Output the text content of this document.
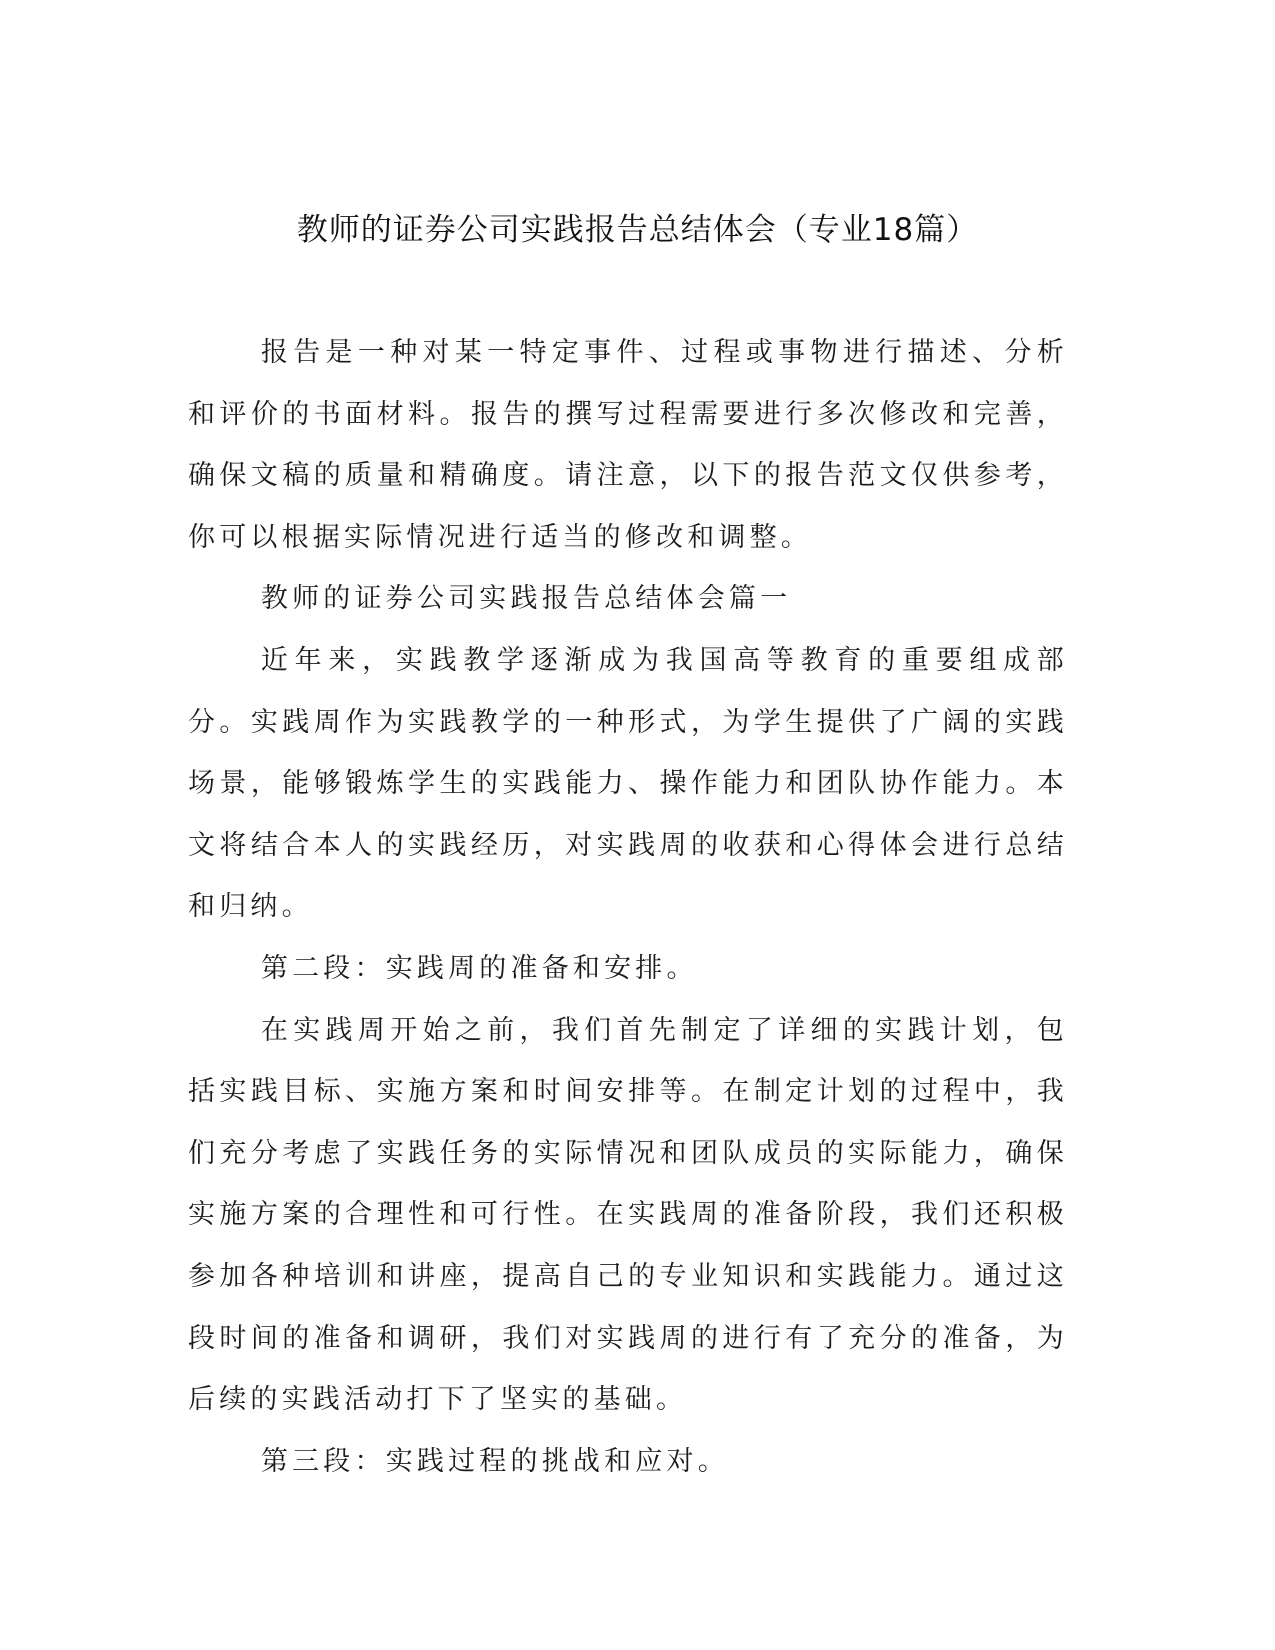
教师的证券公司实践报告总结体会（专业18篇）

报告是一种对某一特定事件、过程或事物进行描述、分析和评价的书面材料。报告的撰写过程需要进行多次修改和完善，确保文稿的质量和精确度。请注意，以下的报告范文仅供参考，你可以根据实际情况进行适当的修改和调整。

教师的证券公司实践报告总结体会篇一

近年来，实践教学逐渐成为我国高等教育的重要组成部分。实践周作为实践教学的一种形式，为学生提供了广阔的实践场景，能够锻炼学生的实践能力、操作能力和团队协作能力。本文将结合本人的实践经历，对实践周的收获和心得体会进行总结和归纳。

第二段：实践周的准备和安排。

在实践周开始之前，我们首先制定了详细的实践计划，包括实践目标、实施方案和时间安排等。在制定计划的过程中，我们充分考虑了实践任务的实际情况和团队成员的实际能力，确保实施方案的合理性和可行性。在实践周的准备阶段，我们还积极参加各种培训和讲座，提高自己的专业知识和实践能力。通过这段时间的准备和调研，我们对实践周的进行有了充分的准备，为后续的实践活动打下了坚实的基础。

第三段：实践过程的挑战和应对。
